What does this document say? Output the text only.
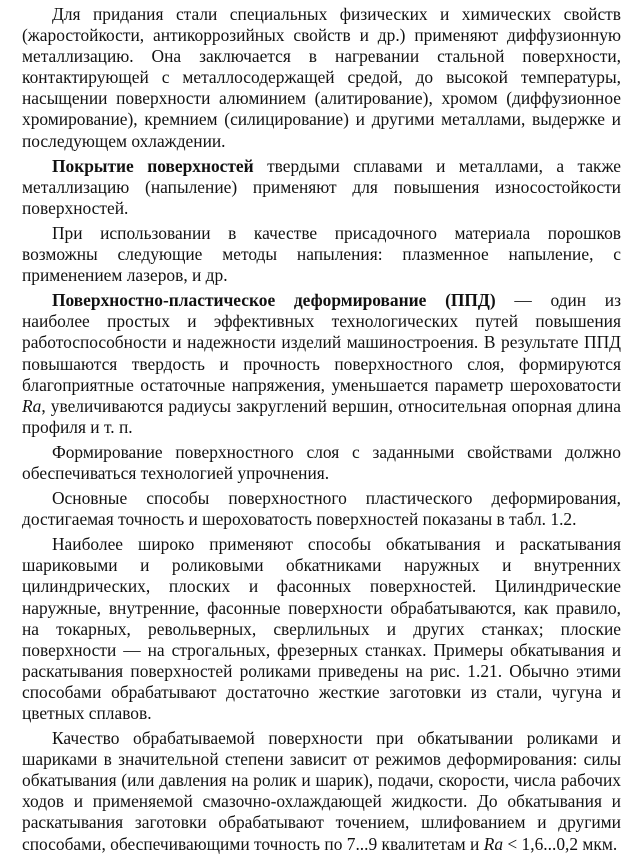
Для придания стали специальных физических и химических свойств (жаростойкости, антикоррозийных свойств и др.) применяют диффузионную металлизацию. Она заключается в нагревании стальной поверхности, контактирующей с металлосодержащей средой, до высокой температуры, насыщении поверхности алюминием (алитирование), хромом (диффузионное хромирование), кремнием (силицирование) и другими металлами, выдержке и последующем охлаждении.

Покрытие поверхностей твердыми сплавами и металлами, а также металлизацию (напыление) применяют для повышения износостойкости поверхностей.

При использовании в качестве присадочного материала порошков возможны следующие методы напыления: плазменное напыление, с применением лазеров, и др.

Поверхностно-пластическое деформирование (ППД) — один из наиболее простых и эффективных технологических путей повышения работоспособности и надежности изделий машиностроения. В результате ППД повышаются твердость и прочность поверхностного слоя, формируются благоприятные остаточные напряжения, уменьшается параметр шероховатости Ra, увеличиваются радиусы закруглений вершин, относительная опорная длина профиля и т. п.

Формирование поверхностного слоя с заданными свойствами должно обеспечиваться технологией упрочнения.

Основные способы поверхностного пластического деформирования, достигаемая точность и шероховатость поверхностей показаны в табл. 1.2.

Наиболее широко применяют способы обкатывания и раскатывания шариковыми и роликовыми обкатниками наружных и внутренних цилиндрических, плоских и фасонных поверхностей. Цилиндрические наружные, внутренние, фасонные поверхности обрабатываются, как правило, на токарных, револьверных, сверлильных и других станках; плоские поверхности — на строгальных, фрезерных станках. Примеры обкатывания и раскатывания поверхностей роликами приведены на рис. 1.21. Обычно этими способами обрабатывают достаточно жесткие заготовки из стали, чугуна и цветных сплавов.

Качество обрабатываемой поверхности при обкатывании роликами и шариками в значительной степени зависит от режимов деформирования: силы обкатывания (или давления на ролик и шарик), подачи, скорости, числа рабочих ходов и применяемой смазочно-охлаждающей жидкости. До обкатывания и раскатывания заготовки обрабатывают точением, шлифованием и другими способами, обеспечивающими точность по 7...9 квалитетам и Ra < 1,6...0,2 мкм.
